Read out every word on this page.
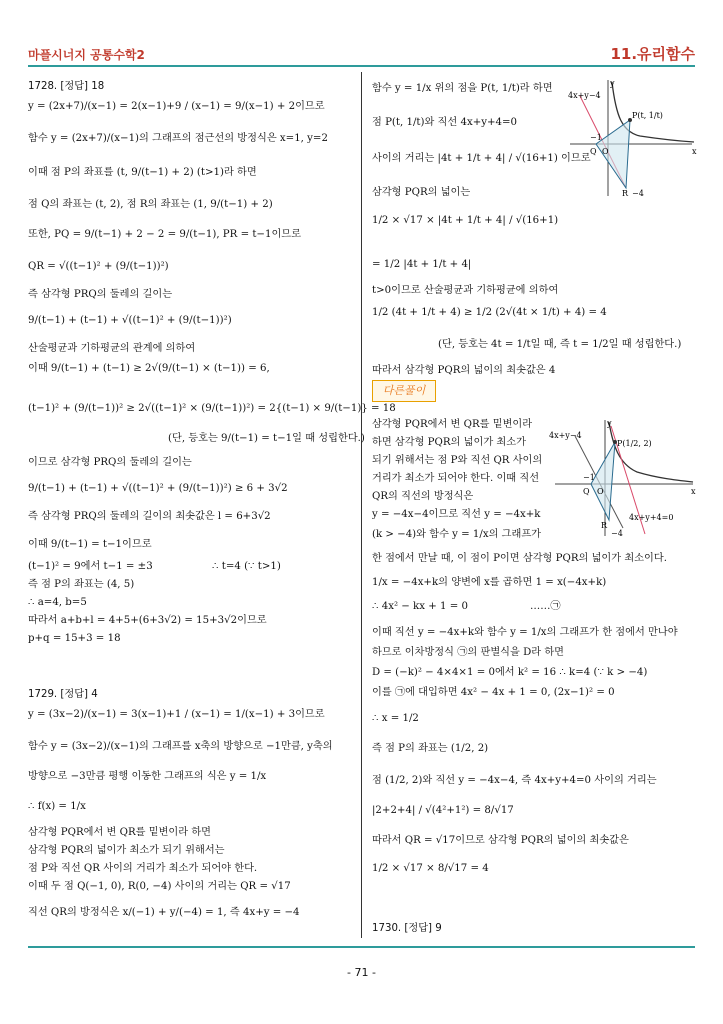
마플시너지 공통수학2	11.유리함수
1728. [정답] 18
y = (2x+7)/(x−1) = 2(x−1)+9 / (x−1) = 9/(x−1) + 2이므로
함수 y = (2x+7)/(x−1)의 그래프의 점근선의 방정식은 x=1, y=2
이때 점 P의 좌표를 (t, 9/(t−1) + 2) (t>1)라 하면
점 Q의 좌표는 (t, 2), 점 R의 좌표는 (1, 9/(t−1) + 2)
또한, PQ = 9/(t−1) + 2 − 2 = 9/(t−1), PR = t−1이므로
QR = √((t−1)² + (9/(t−1))²)
즉 삼각형 PRQ의 둘레의 길이는
9/(t−1) + (t−1) + √((t−1)² + (9/(t−1))²)
산술평균과 기하평균의 관계에 의하여
이때 9/(t−1) + (t−1) ≥ 2√(9/(t−1) × (t−1)) = 6,
(t−1)² + (9/(t−1))² ≥ 2√((t−1)² × (9/(t−1))²) = 2{(t−1) × 9/(t−1)} = 18
(단, 등호는 9/(t−1) = t−1일 때 성립한다.)
이므로 삼각형 PRQ의 둘레의 길이는
9/(t−1) + (t−1) + √((t−1)² + (9/(t−1))²) ≥ 6 + 3√2
즉 삼각형 PRQ의 둘레의 길이의 최솟값은 l = 6+3√2
이때 9/(t−1) = t−1이므로
(t−1)² = 9에서 t−1 = ±3	∴ t=4 (∵ t>1)
즉 점 P의 좌표는 (4, 5)
∴ a=4, b=5
따라서 a+b+l = 4+5+(6+3√2) = 15+3√2이므로
p+q = 15+3 = 18
1729. [정답] 4
y = (3x−2)/(x−1) = 3(x−1)+1 / (x−1) = 1/(x−1) + 3이므로
함수 y = (3x−2)/(x−1)의 그래프를 x축의 방향으로 −1만큼, y축의
방향으로 −3만큼 평행 이동한 그래프의 식은 y = 1/x
∴ f(x) = 1/x
삼각형 PQR에서 변 QR를 밑변이라 하면
삼각형 PQR의 넓이가 최소가 되기 위해서는
점 P와 직선 QR 사이의 거리가 최소가 되어야 한다.
이때 두 점 Q(−1, 0), R(0, −4) 사이의 거리는 QR = √17
직선 QR의 방정식은 x/(−1) + y/(−4) = 1, 즉 4x+y = −4
함수 y = 1/x 위의 점을 P(t, 1/t)라 하면
점 P(t, 1/t)와 직선 4x+y+4=0
사이의 거리는 |4t + 1/t + 4| / √(16+1) 이므로
삼각형 PQR의 넓이는
1/2 × √17 × |4t + 1/t + 4| / √(16+1)
= 1/2 |4t + 1/t + 4|
t>0이므로 산술평균과 기하평균에 의하여
1/2 (4t + 1/t + 4) ≥ 1/2 (2√(4t × 1/t) + 4) = 4
(단, 등호는 4t = 1/t일 때, 즉 t = 1/2일 때 성립한다.)
따라서 삼각형 PQR의 넓이의 최솟값은 4
다른풀이
삼각형 PQR에서 변 QR를 밑변이라
하면 삼각형 PQR의 넓이가 최소가
되기 위해서는 점 P와 직선 QR 사이의
거리가 최소가 되어야 한다. 이때 직선
QR의 직선의 방정식은
y = −4x−4이므로 직선 y = −4x+k
(k > −4)와 함수 y = 1/x의 그래프가
한 점에서 만날 때, 이 점이 P이면 삼각형 PQR의 넓이가 최소이다.
1/x = −4x+k의 양변에 x를 곱하면 1 = x(−4x+k)
∴ 4x² − kx + 1 = 0	……㉠
이때 직선 y = −4x+k와 함수 y = 1/x의 그래프가 한 점에서 만나야
하므로 이차방정식 ㉠의 판별식을 D라 하면
D = (−k)² − 4×4×1 = 0에서 k² = 16 ∴ k=4 (∵ k > −4)
이를 ㉠에 대입하면 4x² − 4x + 1 = 0, (2x−1)² = 0
∴ x = 1/2
즉 점 P의 좌표는 (1/2, 2)
점 (1/2, 2)와 직선 y = −4x−4, 즉 4x+y+4=0 사이의 거리는
|2+2+4| / √(4²+1²) = 8/√17
따라서 QR = √17이므로 삼각형 PQR의 넓이의 최솟값은
1/2 × √17 × 8/√17 = 4
1730. [정답] 9
4x+y−4
P(t, 1/t)
Q O
R
−1
−4
x
y
4x+y−4
P(1/2, 2)
Q O
R
−1
−4
4x+y+4=0
x
y
- 71 -
